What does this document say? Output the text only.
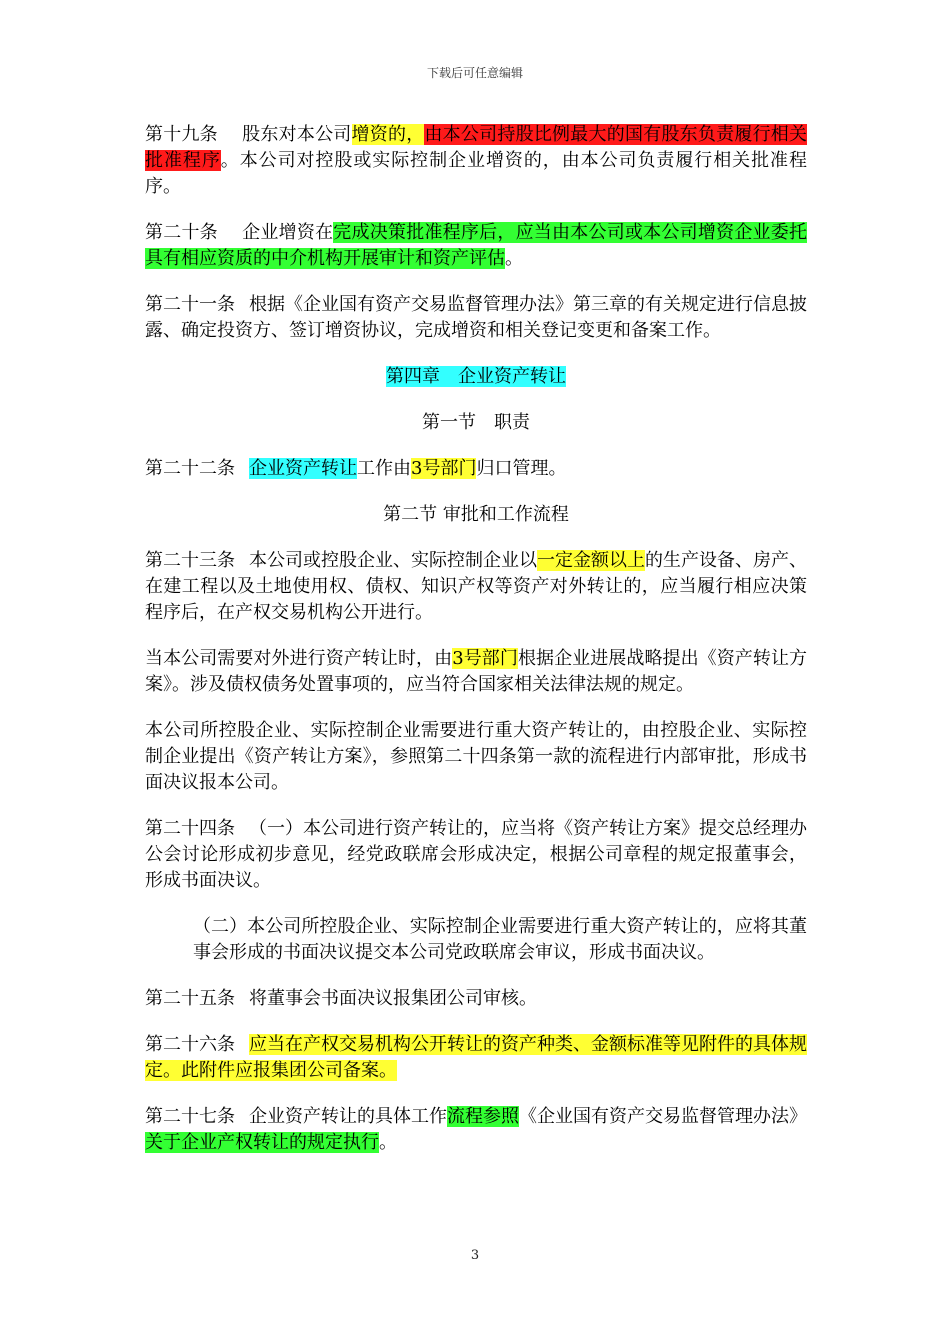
下载后可任意编辑

第十九条 股东对本公司增资的，由本公司持股比例最大的国有股东负责履行相关批准程序。本公司对控股或实际控制企业增资的，由本公司负责履行相关批准程序。

第二十条 企业增资在完成决策批准程序后，应当由本公司或本公司增资企业委托具有相应资质的中介机构开展审计和资产评估。

第二十一条 根据《企业国有资产交易监督管理办法》第三章的有关规定进行信息披露、确定投资方、签订增资协议，完成增资和相关登记变更和备案工作。

第四章　企业资产转让

第一节　职责

第二十二条 企业资产转让工作由3号部门归口管理。

第二节 审批和工作流程

第二十三条 本公司或控股企业、实际控制企业以一定金额以上的生产设备、房产、在建工程以及土地使用权、债权、知识产权等资产对外转让的，应当履行相应决策程序后，在产权交易机构公开进行。

当本公司需要对外进行资产转让时，由3号部门根据企业进展战略提出《资产转让方案》。涉及债权债务处置事项的，应当符合国家相关法律法规的规定。

本公司所控股企业、实际控制企业需要进行重大资产转让的，由控股企业、实际控制企业提出《资产转让方案》，参照第二十四条第一款的流程进行内部审批，形成书面决议报本公司。

第二十四条 （一）本公司进行资产转让的，应当将《资产转让方案》提交总经理办公会讨论形成初步意见，经党政联席会形成决定，根据公司章程的规定报董事会，形成书面决议。

（二）本公司所控股企业、实际控制企业需要进行重大资产转让的，应将其董事会形成的书面决议提交本公司党政联席会审议，形成书面决议。

第二十五条 将董事会书面决议报集团公司审核。

第二十六条 应当在产权交易机构公开转让的资产种类、金额标准等见附件的具体规定。此附件应报集团公司备案。

第二十七条 企业资产转让的具体工作流程参照《企业国有资产交易监督管理办法》关于企业产权转让的规定执行。

3
